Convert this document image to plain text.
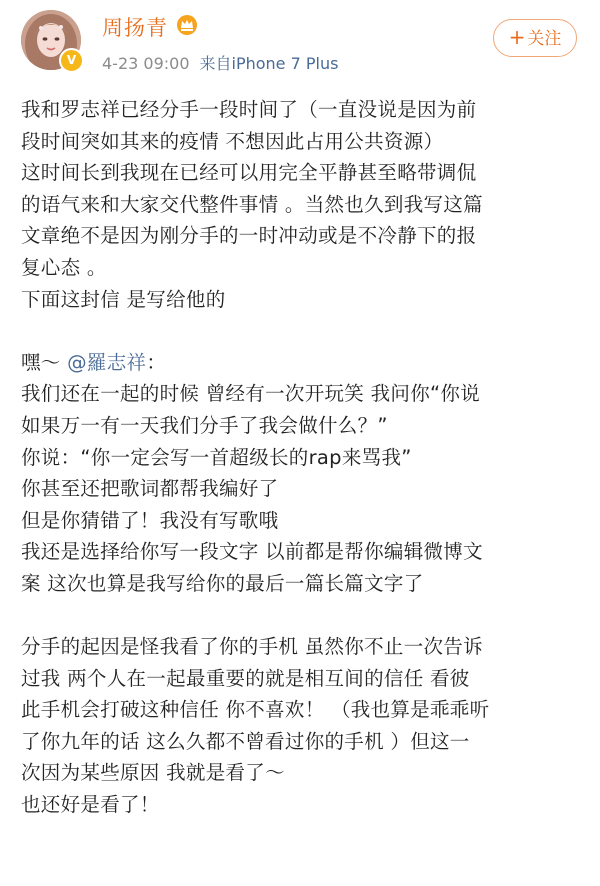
V
周扬青
4-23 09:00 来自iPhone 7 Plus
+ 关注
我和罗志祥已经分手一段时间了（一直没说是因为前
段时间突如其来的疫情 不想因此占用公共资源）
这时间长到我现在已经可以用完全平静甚至略带调侃
的语气来和大家交代整件事情 。当然也久到我写这篇
文章绝不是因为刚分手的一时冲动或是不冷静下的报
复心态 。
下面这封信 是写给他的
嘿～ @羅志祥：
我们还在一起的时候 曾经有一次开玩笑 我问你“你说
如果万一有一天我们分手了我会做什么？”
你说：“你一定会写一首超级长的rap来骂我”
你甚至还把歌词都帮我编好了
但是你猜错了！我没有写歌哦
我还是选择给你写一段文字 以前都是帮你编辑微博文
案 这次也算是我写给你的最后一篇长篇文字了
分手的起因是怪我看了你的手机 虽然你不止一次告诉
过我 两个人在一起最重要的就是相互间的信任 看彼
此手机会打破这种信任 你不喜欢！ （我也算是乖乖听
了你九年的话 这么久都不曾看过你的手机 ）但这一
次因为某些原因 我就是看了～
也还好是看了！
